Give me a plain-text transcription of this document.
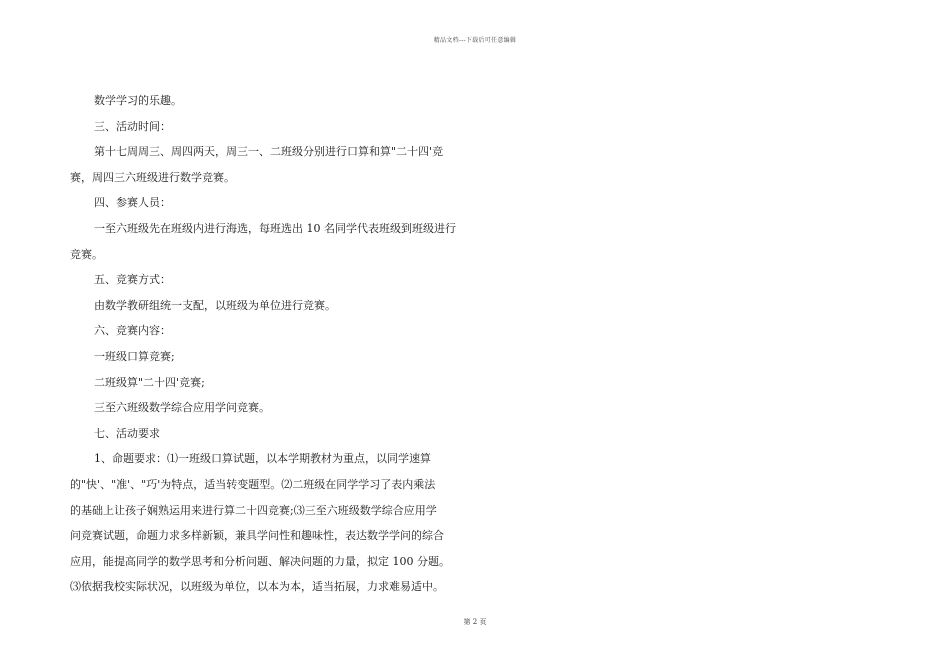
精品文档---下载后可任意编辑
数学学习的乐趣。
三、活动时间：
第十七周周三、周四两天，周三一、二班级分别进行口算和算"二十四'竞
赛，周四三六班级进行数学竞赛。
四、参赛人员：
一至六班级先在班级内进行海选，每班选出 10 名同学代表班级到班级进行
竞赛。
五、竞赛方式：
由数学教研组统一支配，以班级为单位进行竞赛。
六、竞赛内容：
一班级口算竞赛;
二班级算"二十四'竞赛;
三至六班级数学综合应用学问竞赛。
七、活动要求
1、命题要求：⑴一班级口算试题，以本学期教材为重点，以同学速算
的"快'、"准'、"巧'为特点，适当转变题型。⑵二班级在同学学习了表内乘法
的基础上让孩子娴熟运用来进行算二十四竞赛;⑶三至六班级数学综合应用学
问竞赛试题，命题力求多样新颖，兼具学问性和趣味性，表达数学学问的综合
应用，能提高同学的数学思考和分析问题、解决问题的力量，拟定 100 分题。
⑶依据我校实际状况，以班级为单位，以本为本，适当拓展，力求难易适中。
第 2 页
